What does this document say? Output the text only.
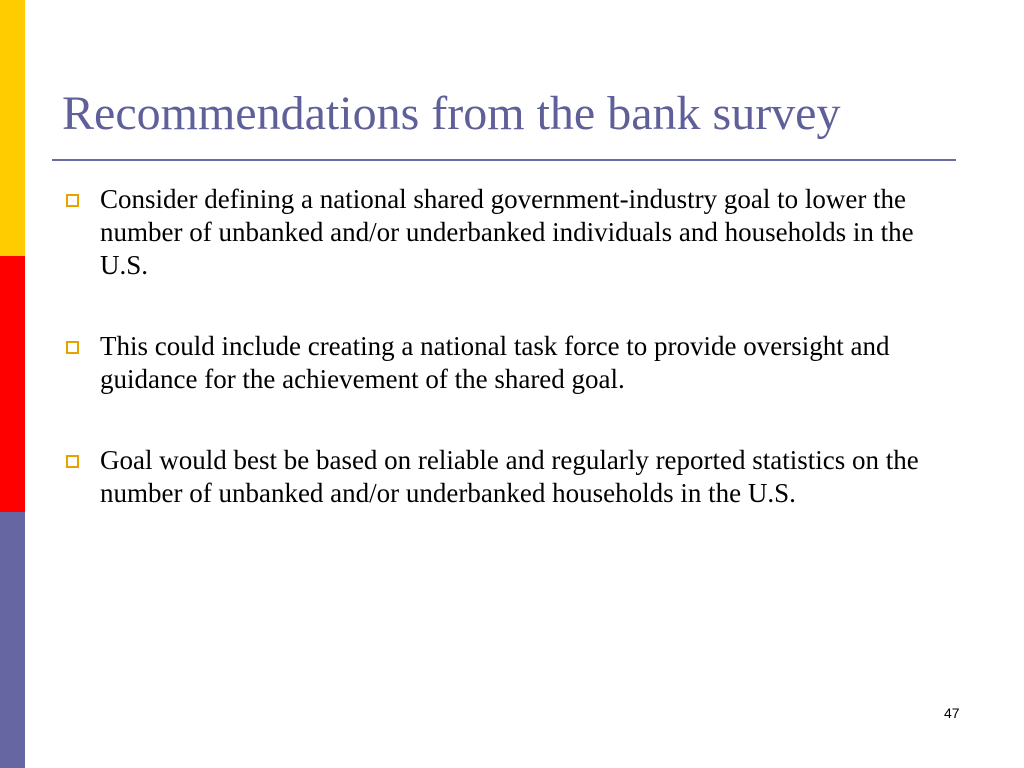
Recommendations from the bank survey
Consider defining a national shared government-industry goal to lower the number of unbanked and/or underbanked individuals and households in the U.S.
This could include creating a national task force to provide oversight and guidance for the achievement of the shared goal.
Goal would best be based on reliable and regularly reported statistics on the number of unbanked and/or underbanked households in the U.S.
47
